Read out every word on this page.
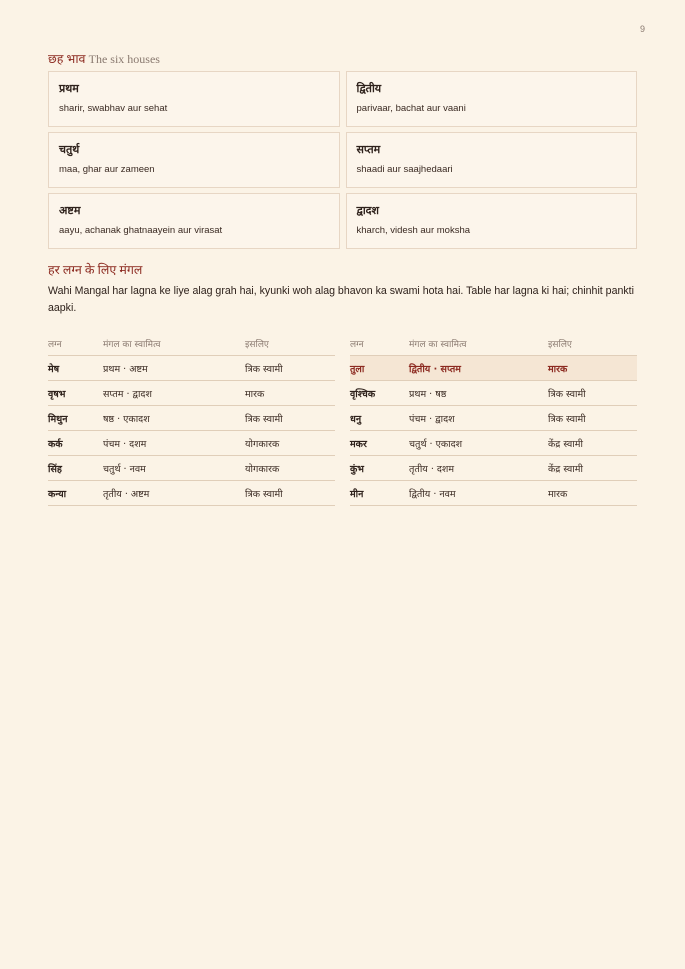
9
छह भाव The six houses
प्रथम
sharir, swabhav aur sehat
द्वितीय
parivaar, bachat aur vaani
चतुर्थ
maa, ghar aur zameen
सप्तम
shaadi aur saajhedaari
अष्टम
aayu, achanak ghatnaayein aur virasat
द्वादश
kharch, videsh aur moksha
हर लग्न के लिए मंगल
Wahi Mangal har lagna ke liye alag grah hai, kyunki woh alag bhavon ka swami hota hai. Table har lagna ki hai; chinhit pankti aapki.
लग्न	मंगल का स्वामित्व	इसलिए
मेष	प्रथम · अष्टम	त्रिक स्वामी
वृषभ	सप्तम · द्वादश	मारक
मिथुन	षष्ठ · एकादश	त्रिक स्वामी
कर्क	पंचम · दशम	योगकारक
सिंह	चतुर्थ · नवम	योगकारक
कन्या	तृतीय · अष्टम	त्रिक स्वामी
लग्न	मंगल का स्वामित्व	इसलिए
तुला	द्वितीय · सप्तम	मारक
वृश्चिक	प्रथम · षष्ठ	त्रिक स्वामी
धनु	पंचम · द्वादश	त्रिक स्वामी
मकर	चतुर्थ · एकादश	केंद्र स्वामी
कुंभ	तृतीय · दशम	केंद्र स्वामी
मीन	द्वितीय · नवम	मारक
